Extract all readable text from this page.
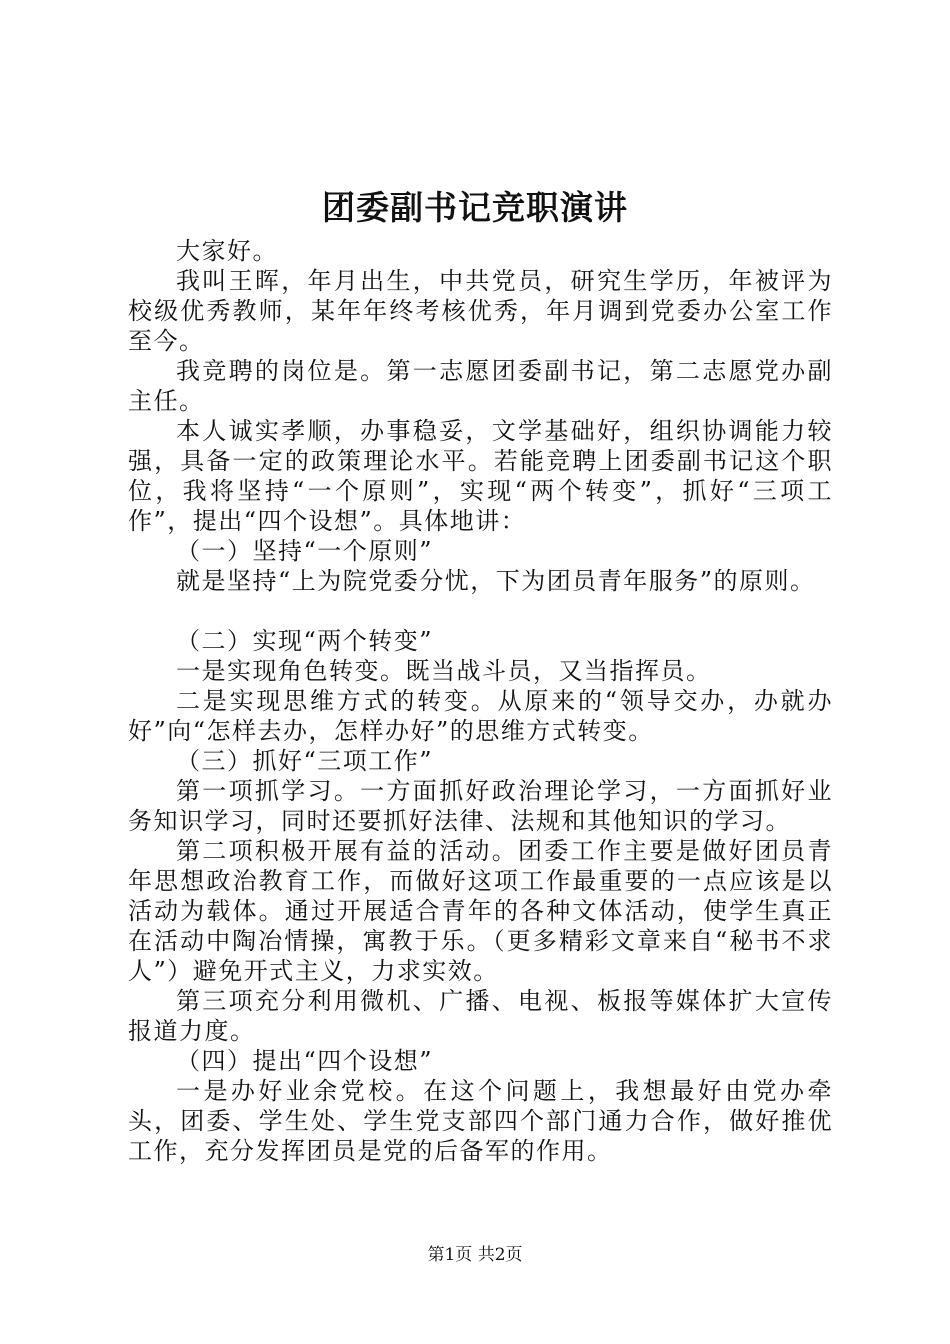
团委副书记竞职演讲

大家好。

我叫王晖，年月出生，中共党员，研究生学历，年被评为校级优秀教师，某年年终考核优秀，年月调到党委办公室工作至今。

我竞聘的岗位是。第一志愿团委副书记，第二志愿党办副主任。

本人诚实孝顺，办事稳妥，文学基础好，组织协调能力较强，具备一定的政策理论水平。若能竞聘上团委副书记这个职位，我将坚持“一个原则”，实现“两个转变”，抓好“三项工作”，提出“四个设想”。具体地讲：

（一）坚持“一个原则”

就是坚持“上为院党委分忧，下为团员青年服务”的原则。

（二）实现“两个转变”

一是实现角色转变。既当战斗员，又当指挥员。

二是实现思维方式的转变。从原来的“领导交办，办就办好”向“怎样去办，怎样办好”的思维方式转变。

（三）抓好“三项工作”

第一项抓学习。一方面抓好政治理论学习，一方面抓好业务知识学习，同时还要抓好法律、法规和其他知识的学习。

第二项积极开展有益的活动。团委工作主要是做好团员青年思想政治教育工作，而做好这项工作最重要的一点应该是以活动为载体。通过开展适合青年的各种文体活动，使学生真正在活动中陶冶情操，寓教于乐。（更多精彩文章来自“秘书不求人”）避免开式主义，力求实效。

第三项充分利用微机、广播、电视、板报等媒体扩大宣传报道力度。

（四）提出“四个设想”

一是办好业余党校。在这个问题上，我想最好由党办牵头，团委、学生处、学生党支部四个部门通力合作，做好推优工作，充分发挥团员是党的后备军的作用。

第1页 共2页
